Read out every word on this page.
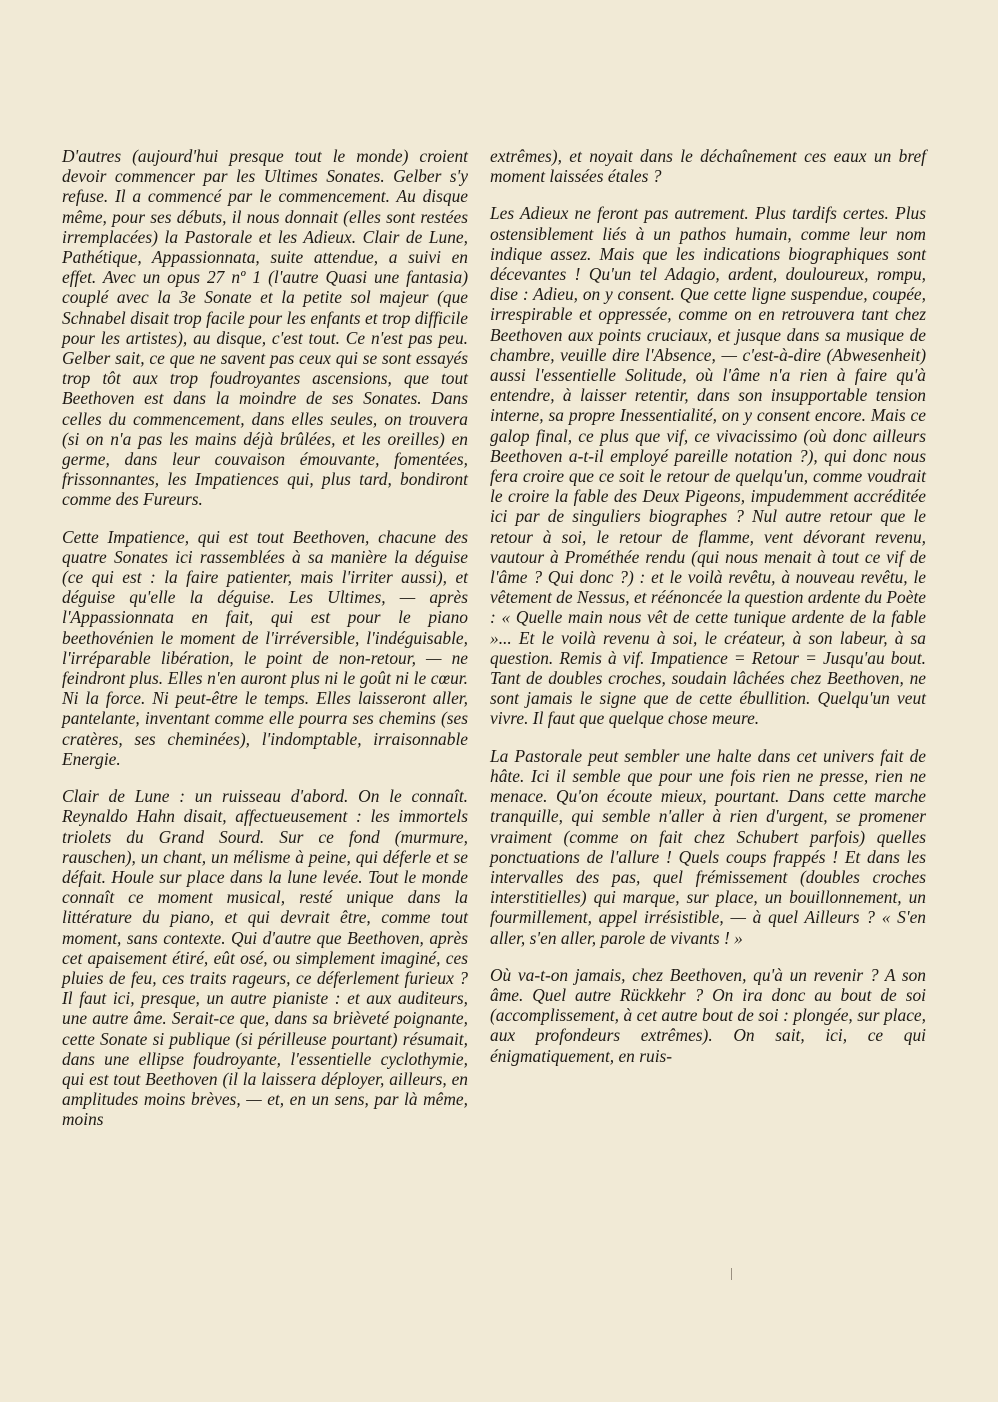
D'autres (aujourd'hui presque tout le monde) croient devoir commencer par les Ultimes Sonates. Gelber s'y refuse. Il a commencé par le commencement. Au disque même, pour ses débuts, il nous donnait (elles sont restées irremplacées) la Pastorale et les Adieux. Clair de Lune, Pathétique, Appassionnata, suite attendue, a suivi en effet. Avec un opus 27 nº 1 (l'autre Quasi une fantasia) couplé avec la 3e Sonate et la petite sol majeur (que Schnabel disait trop facile pour les enfants et trop difficile pour les artistes), au disque, c'est tout. Ce n'est pas peu. Gelber sait, ce que ne savent pas ceux qui se sont essayés trop tôt aux trop foudroyantes ascensions, que tout Beethoven est dans la moindre de ses Sonates. Dans celles du commencement, dans elles seules, on trouvera (si on n'a pas les mains déjà brûlées, et les oreilles) en germe, dans leur couvaison émouvante, fomentées, frissonnantes, les Impatiences qui, plus tard, bondiront comme des Fureurs.

Cette Impatience, qui est tout Beethoven, chacune des quatre Sonates ici rassemblées à sa manière la déguise (ce qui est : la faire patienter, mais l'irriter aussi), et déguise qu'elle la déguise. Les Ultimes, — après l'Appassionnata en fait, qui est pour le piano beethovénien le moment de l'irréversible, l'indéguisable, l'irréparable libération, le point de non-retour, — ne feindront plus. Elles n'en auront plus ni le goût ni le cœur. Ni la force. Ni peut-être le temps. Elles laisseront aller, pantelante, inventant comme elle pourra ses chemins (ses cratères, ses cheminées), l'indomptable, irraisonnable Energie.

Clair de Lune : un ruisseau d'abord. On le connaît. Reynaldo Hahn disait, affectueusement : les immortels triolets du Grand Sourd. Sur ce fond (murmure, rauschen), un chant, un mélisme à peine, qui déferle et se défait. Houle sur place dans la lune levée. Tout le monde connaît ce moment musical, resté unique dans la littérature du piano, et qui devrait être, comme tout moment, sans contexte. Qui d'autre que Beethoven, après cet apaisement étiré, eût osé, ou simplement imaginé, ces pluies de feu, ces traits rageurs, ce déferlement furieux ? Il faut ici, presque, un autre pianiste : et aux auditeurs, une autre âme. Serait-ce que, dans sa brièveté poignante, cette Sonate si publique (si périlleuse pourtant) résumait, dans une ellipse foudroyante, l'essentielle cyclothymie, qui est tout Beethoven (il la laissera déployer, ailleurs, en amplitudes moins brèves, — et, en un sens, par là même, moins

extrêmes), et noyait dans le déchaînement ces eaux un bref moment laissées étales ?

Les Adieux ne feront pas autrement. Plus tardifs certes. Plus ostensiblement liés à un pathos humain, comme leur nom indique assez. Mais que les indications biographiques sont décevantes ! Qu'un tel Adagio, ardent, douloureux, rompu, dise : Adieu, on y consent. Que cette ligne suspendue, coupée, irrespirable et oppressée, comme on en retrouvera tant chez Beethoven aux points cruciaux, et jusque dans sa musique de chambre, veuille dire l'Absence, — c'est-à-dire (Abwesenheit) aussi l'essentielle Solitude, où l'âme n'a rien à faire qu'à entendre, à laisser retentir, dans son insupportable tension interne, sa propre Inessentialité, on y consent encore. Mais ce galop final, ce plus que vif, ce vivacissimo (où donc ailleurs Beethoven a-t-il employé pareille notation ?), qui donc nous fera croire que ce soit le retour de quelqu'un, comme voudrait le croire la fable des Deux Pigeons, impudemment accréditée ici par de singuliers biographes ? Nul autre retour que le retour à soi, le retour de flamme, vent dévorant revenu, vautour à Prométhée rendu (qui nous menait à tout ce vif de l'âme ? Qui donc ?) : et le voilà revêtu, à nouveau revêtu, le vêtement de Nessus, et réénoncée la question ardente du Poète : « Quelle main nous vêt de cette tunique ardente de la fable »... Et le voilà revenu à soi, le créateur, à son labeur, à sa question. Remis à vif. Impatience = Retour = Jusqu'au bout. Tant de doubles croches, soudain lâchées chez Beethoven, ne sont jamais le signe que de cette ébullition. Quelqu'un veut vivre. Il faut que quelque chose meure.

La Pastorale peut sembler une halte dans cet univers fait de hâte. Ici il semble que pour une fois rien ne presse, rien ne menace. Qu'on écoute mieux, pourtant. Dans cette marche tranquille, qui semble n'aller à rien d'urgent, se promener vraiment (comme on fait chez Schubert parfois) quelles ponctuations de l'allure ! Quels coups frappés ! Et dans les intervalles des pas, quel frémissement (doubles croches interstitielles) qui marque, sur place, un bouillonnement, un fourmillement, appel irrésistible, — à quel Ailleurs ? « S'en aller, s'en aller, parole de vivants ! »

Où va-t-on jamais, chez Beethoven, qu'à un revenir ? A son âme. Quel autre Rückkehr ? On ira donc au bout de soi (accomplissement, à cet autre bout de soi : plongée, sur place, aux profondeurs extrêmes). On sait, ici, ce qui énigmatiquement, en ruis-
